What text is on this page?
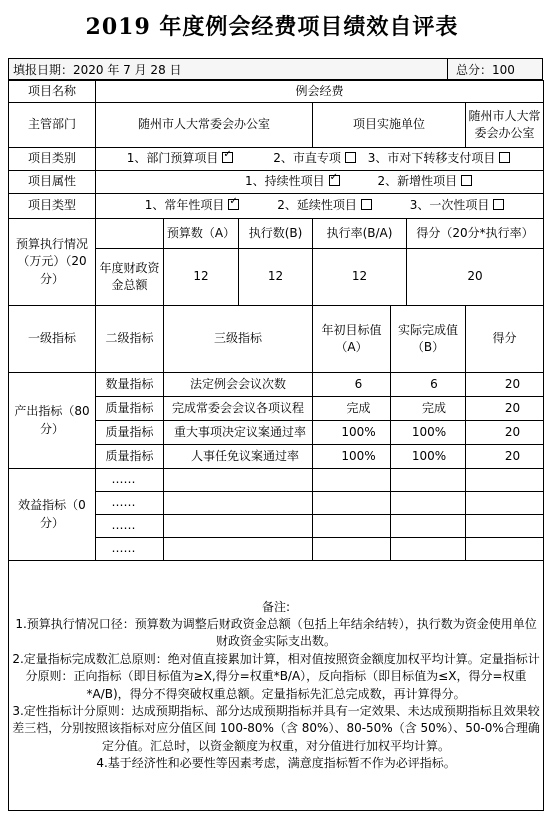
2019 年度例会经费项目绩效自评表
填报日期：2020 年 7 月 28 日	总分：100
项目名称	例会经费						
主管部门	随州市人大常委会办公室			项目实施单位			随州市人大常委会办公室
项目类别	1、部门预算项目 ✓ 2、市直专项 3、市对下转移支付项目
项目属性	1、持续性项目 ✓ 2、新增性项目
项目类型	1、常年性项目 ✓ 2、延续性项目 3、一次性项目
预算执行情况（万元）（20分）		预算数（A）	执行数(B)	执行率(B/A)		得分（20分*执行率）	
	年度财政资金总额	12	12	12		20	
一级指标	二级指标	三级指标		年初目标值（A）	实际完成值（B）		得分
产出指标（80分）	数量指标	法定例会会议次数		6	6		20
	质量指标	完成常委会会议各项议程		完成	完成		20
	质量指标	重大事项决定议案通过率		100%	100%		20
	质量指标	人事任免议案通过率		100%	100%		20
效益指标（0分）	……						
	……						
	……						
	……						

备注:

1.预算执行情况口径：预算数为调整后财政资金总额（包括上年结余结转），执行数为资金使用单位财政资金实际支出数。

2.定量指标完成数汇总原则：绝对值直接累加计算，相对值按照资金额度加权平均计算。定量指标计分原则：正向指标（即目标值为≥X,得分=权重*B/A），反向指标（即目标值为≤X，得分=权重*A/B)，得分不得突破权重总额。定量指标先汇总完成数，再计算得分。

3.定性指标计分原则：达成预期指标、部分达成预期指标并具有一定效果、未达成预期指标且效果较差三档，分别按照该指标对应分值区间 100-80%（含 80%）、80-50%（含 50%）、50-0%合理确定分值。汇总时，以资金额度为权重，对分值进行加权平均计算。

4.基于经济性和必要性等因素考虑，满意度指标暂不作为必评指标。							
